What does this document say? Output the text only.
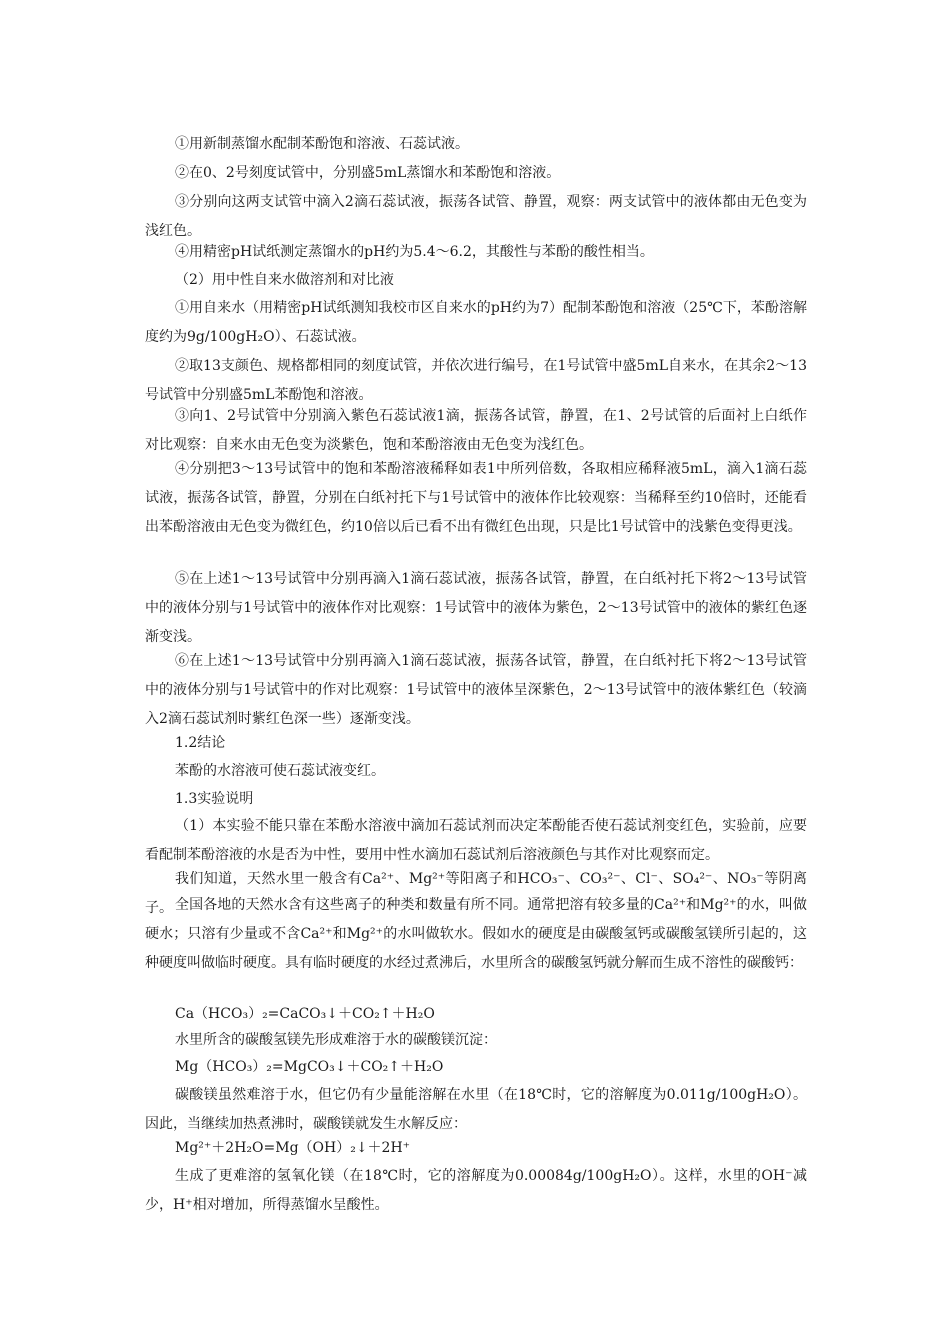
①用新制蒸馏水配制苯酚饱和溶液、石蕊试液。

②在0、2号刻度试管中，分别盛5mL蒸馏水和苯酚饱和溶液。

③分别向这两支试管中滴入2滴石蕊试液，振荡各试管、静置，观察：两支试管中的液体都由无色变为浅红色。

④用精密pH试纸测定蒸馏水的pH约为5.4～6.2，其酸性与苯酚的酸性相当。

（2）用中性自来水做溶剂和对比液

①用自来水（用精密pH试纸测知我校市区自来水的pH约为7）配制苯酚饱和溶液（25℃下，苯酚溶解度约为9g/100gH₂O）、石蕊试液。

②取13支颜色、规格都相同的刻度试管，并依次进行编号，在1号试管中盛5mL自来水，在其余2～13号试管中分别盛5mL苯酚饱和溶液。

③向1、2号试管中分别滴入紫色石蕊试液1滴，振荡各试管，静置，在1、2号试管的后面衬上白纸作对比观察：自来水由无色变为淡紫色，饱和苯酚溶液由无色变为浅红色。

④分别把3～13号试管中的饱和苯酚溶液稀释如表1中所列倍数，各取相应稀释液5mL，滴入1滴石蕊试液，振荡各试管，静置，分别在白纸衬托下与1号试管中的液体作比较观察：当稀释至约10倍时，还能看出苯酚溶液由无色变为微红色，约10倍以后已看不出有微红色出现，只是比1号试管中的浅紫色变得更浅。

⑤在上述1～13号试管中分别再滴入1滴石蕊试液，振荡各试管，静置，在白纸衬托下将2～13号试管中的液体分别与1号试管中的液体作对比观察：1号试管中的液体为紫色，2～13号试管中的液体的紫红色逐渐变浅。

⑥在上述1～13号试管中分别再滴入1滴石蕊试液，振荡各试管，静置，在白纸衬托下将2～13号试管中的液体分别与1号试管中的作对比观察：1号试管中的液体呈深紫色，2～13号试管中的液体紫红色（较滴入2滴石蕊试剂时紫红色深一些）逐渐变浅。

1.2结论

苯酚的水溶液可使石蕊试液变红。

1.3实验说明

（1）本实验不能只靠在苯酚水溶液中滴加石蕊试剂而决定苯酚能否使石蕊试剂变红色，实验前，应要看配制苯酚溶液的水是否为中性，要用中性水滴加石蕊试剂后溶液颜色与其作对比观察而定。

我们知道，天然水里一般含有Ca²⁺、Mg²⁺等阳离子和HCO₃⁻、CO₃²⁻、Cl⁻、SO₄²⁻、NO₃⁻等阴离子。 全国各地的天然水含有这些离子的种类和数量有所不同。通常把溶有较多量的Ca²⁺和Mg²⁺的水，叫做硬水；只溶有少量或不含Ca²⁺和Mg²⁺的水叫做软水。假如水的硬度是由碳酸氢钙或碳酸氢镁所引起的，这种硬度叫做临时硬度。具有临时硬度的水经过煮沸后，水里所含的碳酸氢钙就分解而生成不溶性的碳酸钙：

Ca（HCO₃）₂=CaCO₃↓＋CO₂↑＋H₂O

水里所含的碳酸氢镁先形成难溶于水的碳酸镁沉淀：

Mg（HCO₃）₂=MgCO₃↓＋CO₂↑＋H₂O

碳酸镁虽然难溶于水，但它仍有少量能溶解在水里（在18℃时，它的溶解度为0.011g/100gH₂O）。因此，当继续加热煮沸时，碳酸镁就发生水解反应：

Mg²⁺＋2H₂O=Mg（OH）₂↓＋2H⁺

生成了更难溶的氢氧化镁（在18℃时，它的溶解度为0.00084g/100gH₂O）。这样，水里的OH⁻减少，H⁺相对增加，所得蒸馏水呈酸性。
